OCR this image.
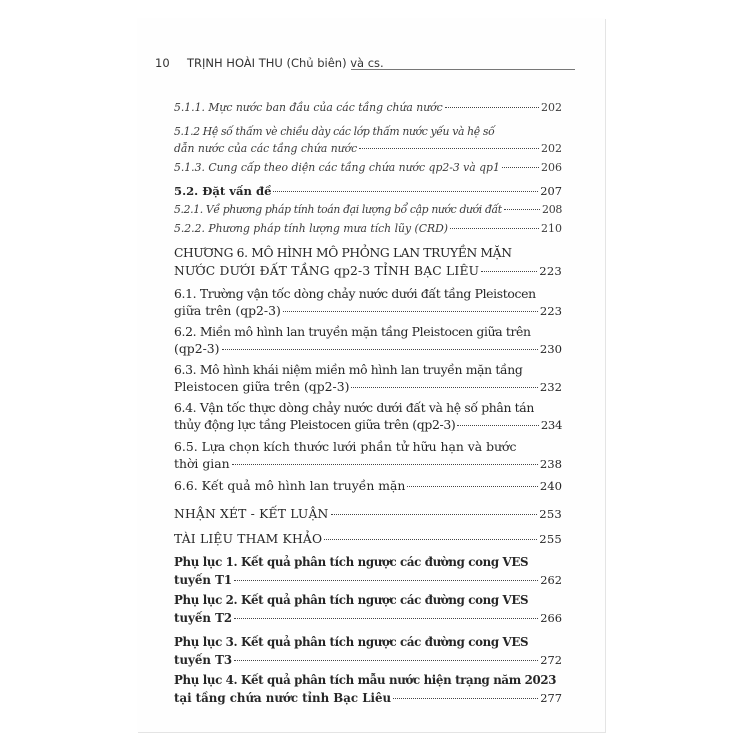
10 TRỊNH HOÀI THU (Chủ biên) và cs.
5.1.1. Mực nước ban đầu của các tầng chứa nước	202
5.1.2 Hệ số thấm vè chiều dày các lớp thấm nước yếu và hệ số
dẫn nước của các tầng chứa nước	202
5.1.3. Cung cấp theo diện các tầng chứa nước qp2-3 và qp1	206
5.2. Đặt vấn đề	207
5.2.1. Về phương pháp tính toán đại lượng bổ cập nước dưới đất	208
5.2.2. Phương pháp tính lượng mưa tích lũy (CRD)	210
CHƯƠNG 6. MÔ HÌNH MÔ PHỎNG LAN TRUYỀN MẶN
NƯỚC DƯỚI ĐẤT TẦNG qp2-3 TỈNH BẠC LIÊU	223
6.1. Trường vận tốc dòng chảy nước dưới đất tầng Pleistocen
giữa trên (qp2-3)	223
6.2. Miền mô hình lan truyền mặn tầng Pleistocen giữa trên
(qp2-3)	230
6.3. Mô hình khái niệm miền mô hình lan truyền mặn tầng
Pleistocen giữa trên (qp2-3)	232
6.4. Vận tốc thực dòng chảy nước dưới đất và hệ số phân tán
thủy động lực tầng Pleistocen giữa trên (qp2-3)	234
6.5. Lựa chọn kích thước lưới phần tử hữu hạn và bước
thời gian	238
6.6. Kết quả mô hình lan truyền mặn	240
NHẬN XÉT - KẾT LUẬN	253
TÀI LIỆU THAM KHẢO	255
Phụ lục 1. Kết quả phân tích ngược các đường cong VES
tuyến T1	262
Phụ lục 2. Kết quả phân tích ngược các đường cong VES
tuyến T2	266
Phụ lục 3. Kết quả phân tích ngược các đường cong VES
tuyến T3	272
Phụ lục 4. Kết quả phân tích mẫu nước hiện trạng năm 2023
tại tầng chứa nước tỉnh Bạc Liêu	277
